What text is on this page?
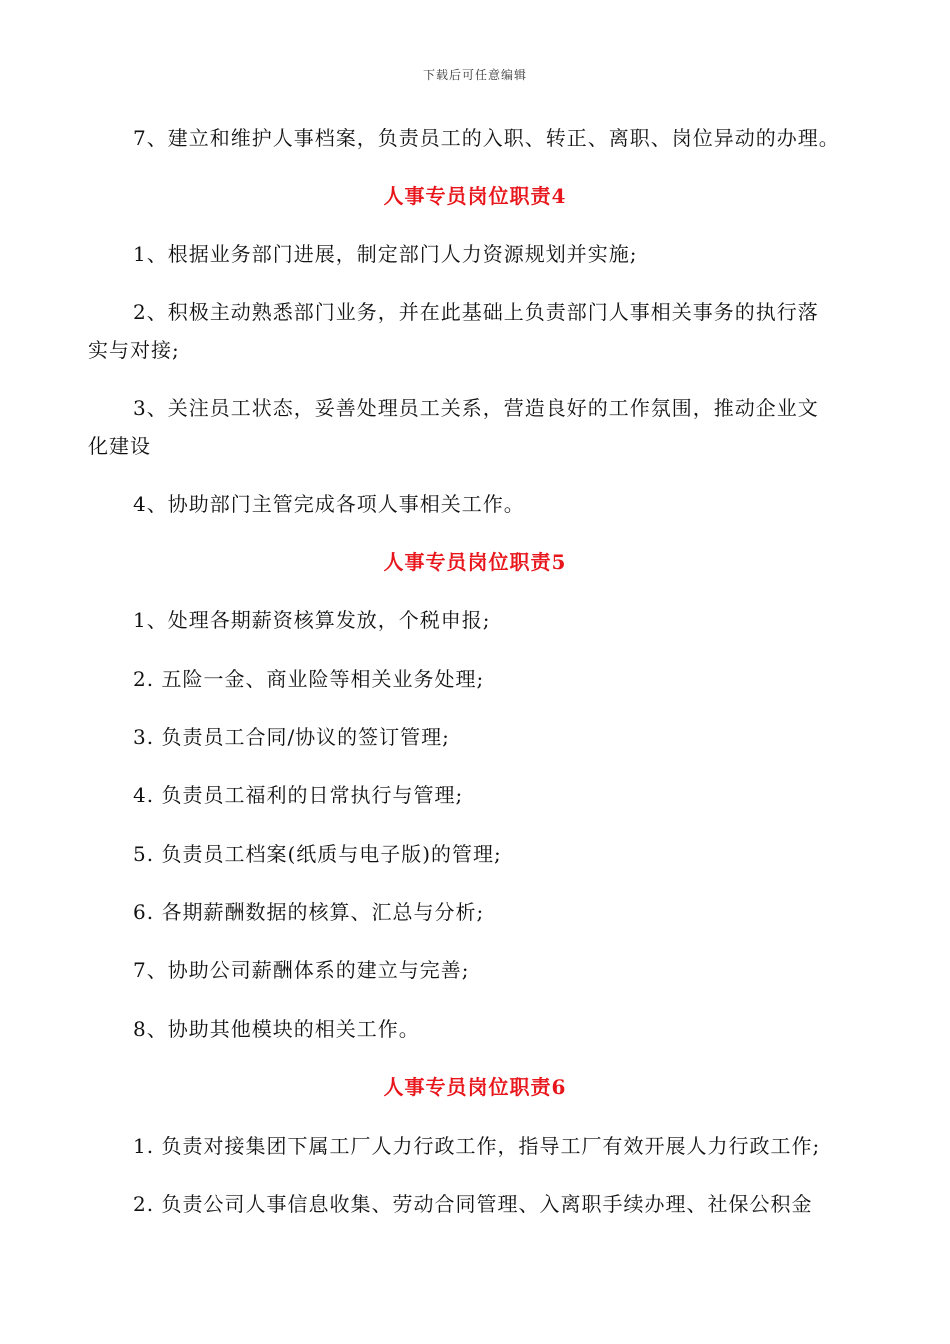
下载后可任意编辑
7、建立和维护人事档案，负责员工的入职、转正、离职、岗位异动的办理。
人事专员岗位职责4
1、根据业务部门进展，制定部门人力资源规划并实施;
2、积极主动熟悉部门业务，并在此基础上负责部门人事相关事务的执行落
实与对接;
3、关注员工状态，妥善处理员工关系，营造良好的工作氛围，推动企业文
化建设
4、协助部门主管完成各项人事相关工作。
人事专员岗位职责5
1、处理各期薪资核算发放，个税申报;
2. 五险一金、商业险等相关业务处理;
3. 负责员工合同/协议的签订管理;
4. 负责员工福利的日常执行与管理;
5. 负责员工档案(纸质与电子版)的管理;
6. 各期薪酬数据的核算、汇总与分析;
7、协助公司薪酬体系的建立与完善;
8、协助其他模块的相关工作。
人事专员岗位职责6
1. 负责对接集团下属工厂人力行政工作，指导工厂有效开展人力行政工作;
2. 负责公司人事信息收集、劳动合同管理、入离职手续办理、社保公积金
